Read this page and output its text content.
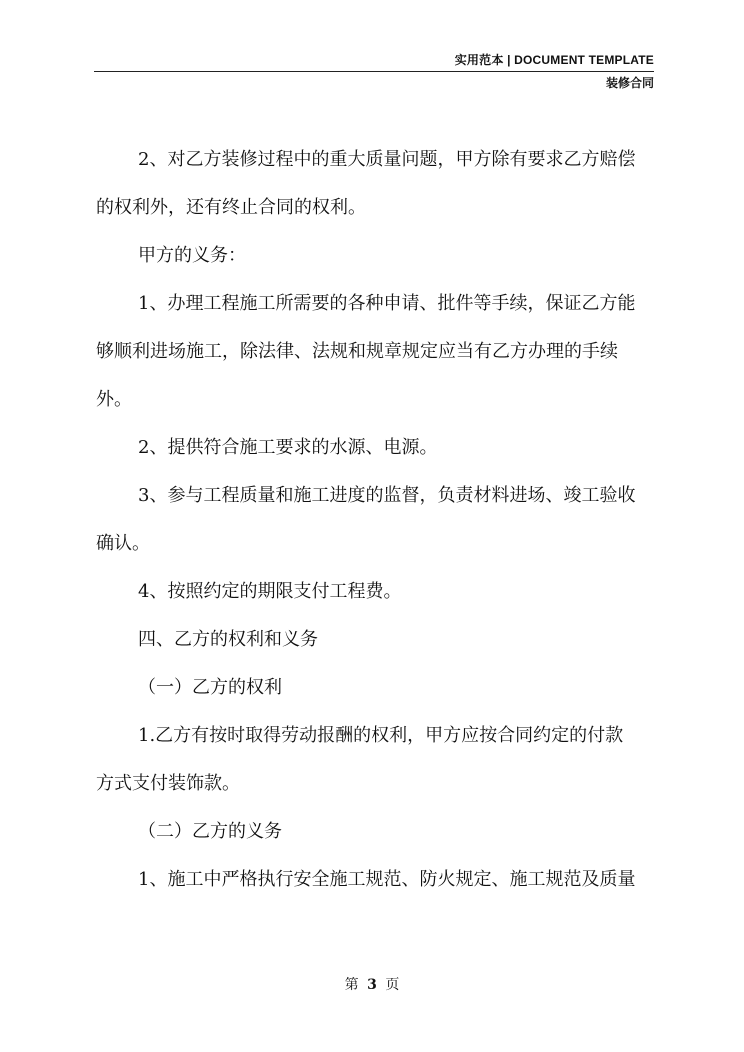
实用范本 | DOCUMENT TEMPLATE
装修合同

2、对乙方装修过程中的重大质量问题，甲方除有要求乙方赔偿

的权利外，还有终止合同的权利。

甲方的义务：

1、办理工程施工所需要的各种申请、批件等手续，保证乙方能

够顺利进场施工，除法律、法规和规章规定应当有乙方办理的手续

外。

2、提供符合施工要求的水源、电源。

3、参与工程质量和施工进度的监督，负责材料进场、竣工验收

确认。

4、按照约定的期限支付工程费。

四、乙方的权利和义务

（一）乙方的权利

1.乙方有按时取得劳动报酬的权利，甲方应按合同约定的付款

方式支付装饰款。

（二）乙方的义务

1、施工中严格执行安全施工规范、防火规定、施工规范及质量

第 3 页
